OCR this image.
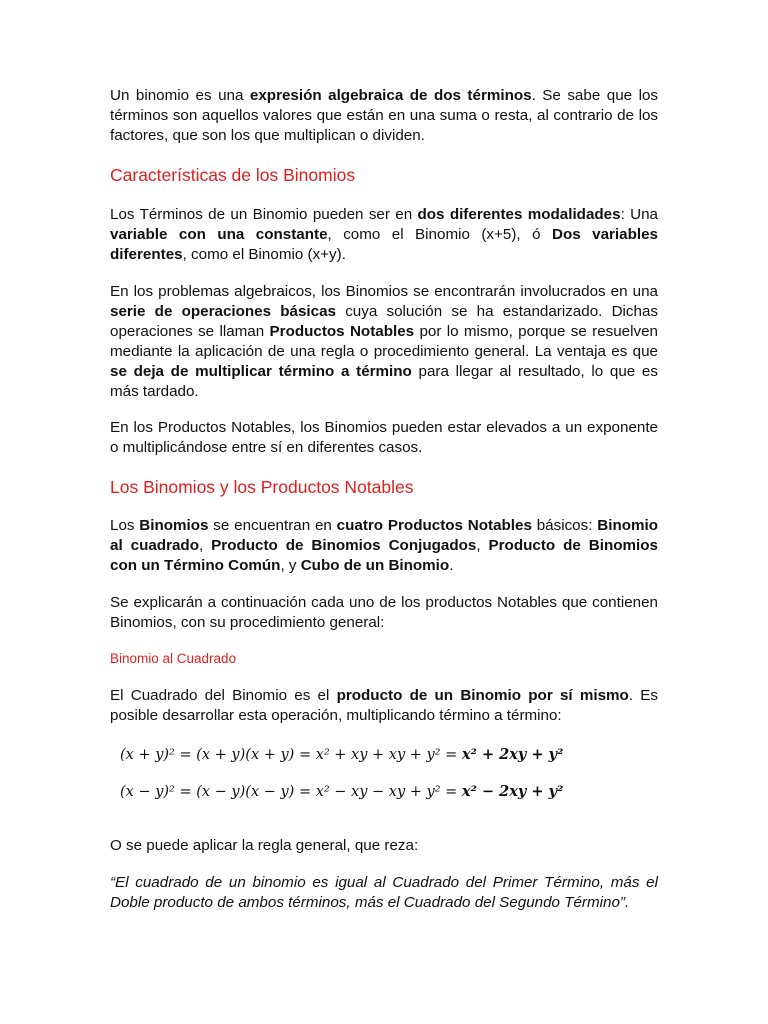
Un binomio es una expresión algebraica de dos términos. Se sabe que los términos son aquellos valores que están en una suma o resta, al contrario de los factores, que son los que multiplican o dividen.

Características de los Binomios

Los Términos de un Binomio pueden ser en dos diferentes modalidades: Una variable con una constante, como el Binomio (x+5), ó Dos variables diferentes, como el Binomio (x+y).

En los problemas algebraicos, los Binomios se encontrarán involucrados en una serie de operaciones básicas cuya solución se ha estandarizado. Dichas operaciones se llaman Productos Notables por lo mismo, porque se resuelven mediante la aplicación de una regla o procedimiento general. La ventaja es que se deja de multiplicar término a término para llegar al resultado, lo que es más tardado.

En los Productos Notables, los Binomios pueden estar elevados a un exponente o multiplicándose entre sí en diferentes casos.

Los Binomios y los Productos Notables

Los Binomios se encuentran en cuatro Productos Notables básicos: Binomio al cuadrado, Producto de Binomios Conjugados, Producto de Binomios con un Término Común, y Cubo de un Binomio.

Se explicarán a continuación cada uno de los productos Notables que contienen Binomios, con su procedimiento general:

Binomio al Cuadrado

El Cuadrado del Binomio es el producto de un Binomio por sí mismo. Es posible desarrollar esta operación, multiplicando término a término:

(x + y)² = (x + y)(x + y) = x² + xy + xy + y² = x² + 2xy + y²
(x − y)² = (x − y)(x − y) = x² − xy − xy + y² = x² − 2xy + y²

O se puede aplicar la regla general, que reza:

“El cuadrado de un binomio es igual al Cuadrado del Primer Término, más el Doble producto de ambos términos, más el Cuadrado del Segundo Término”.
